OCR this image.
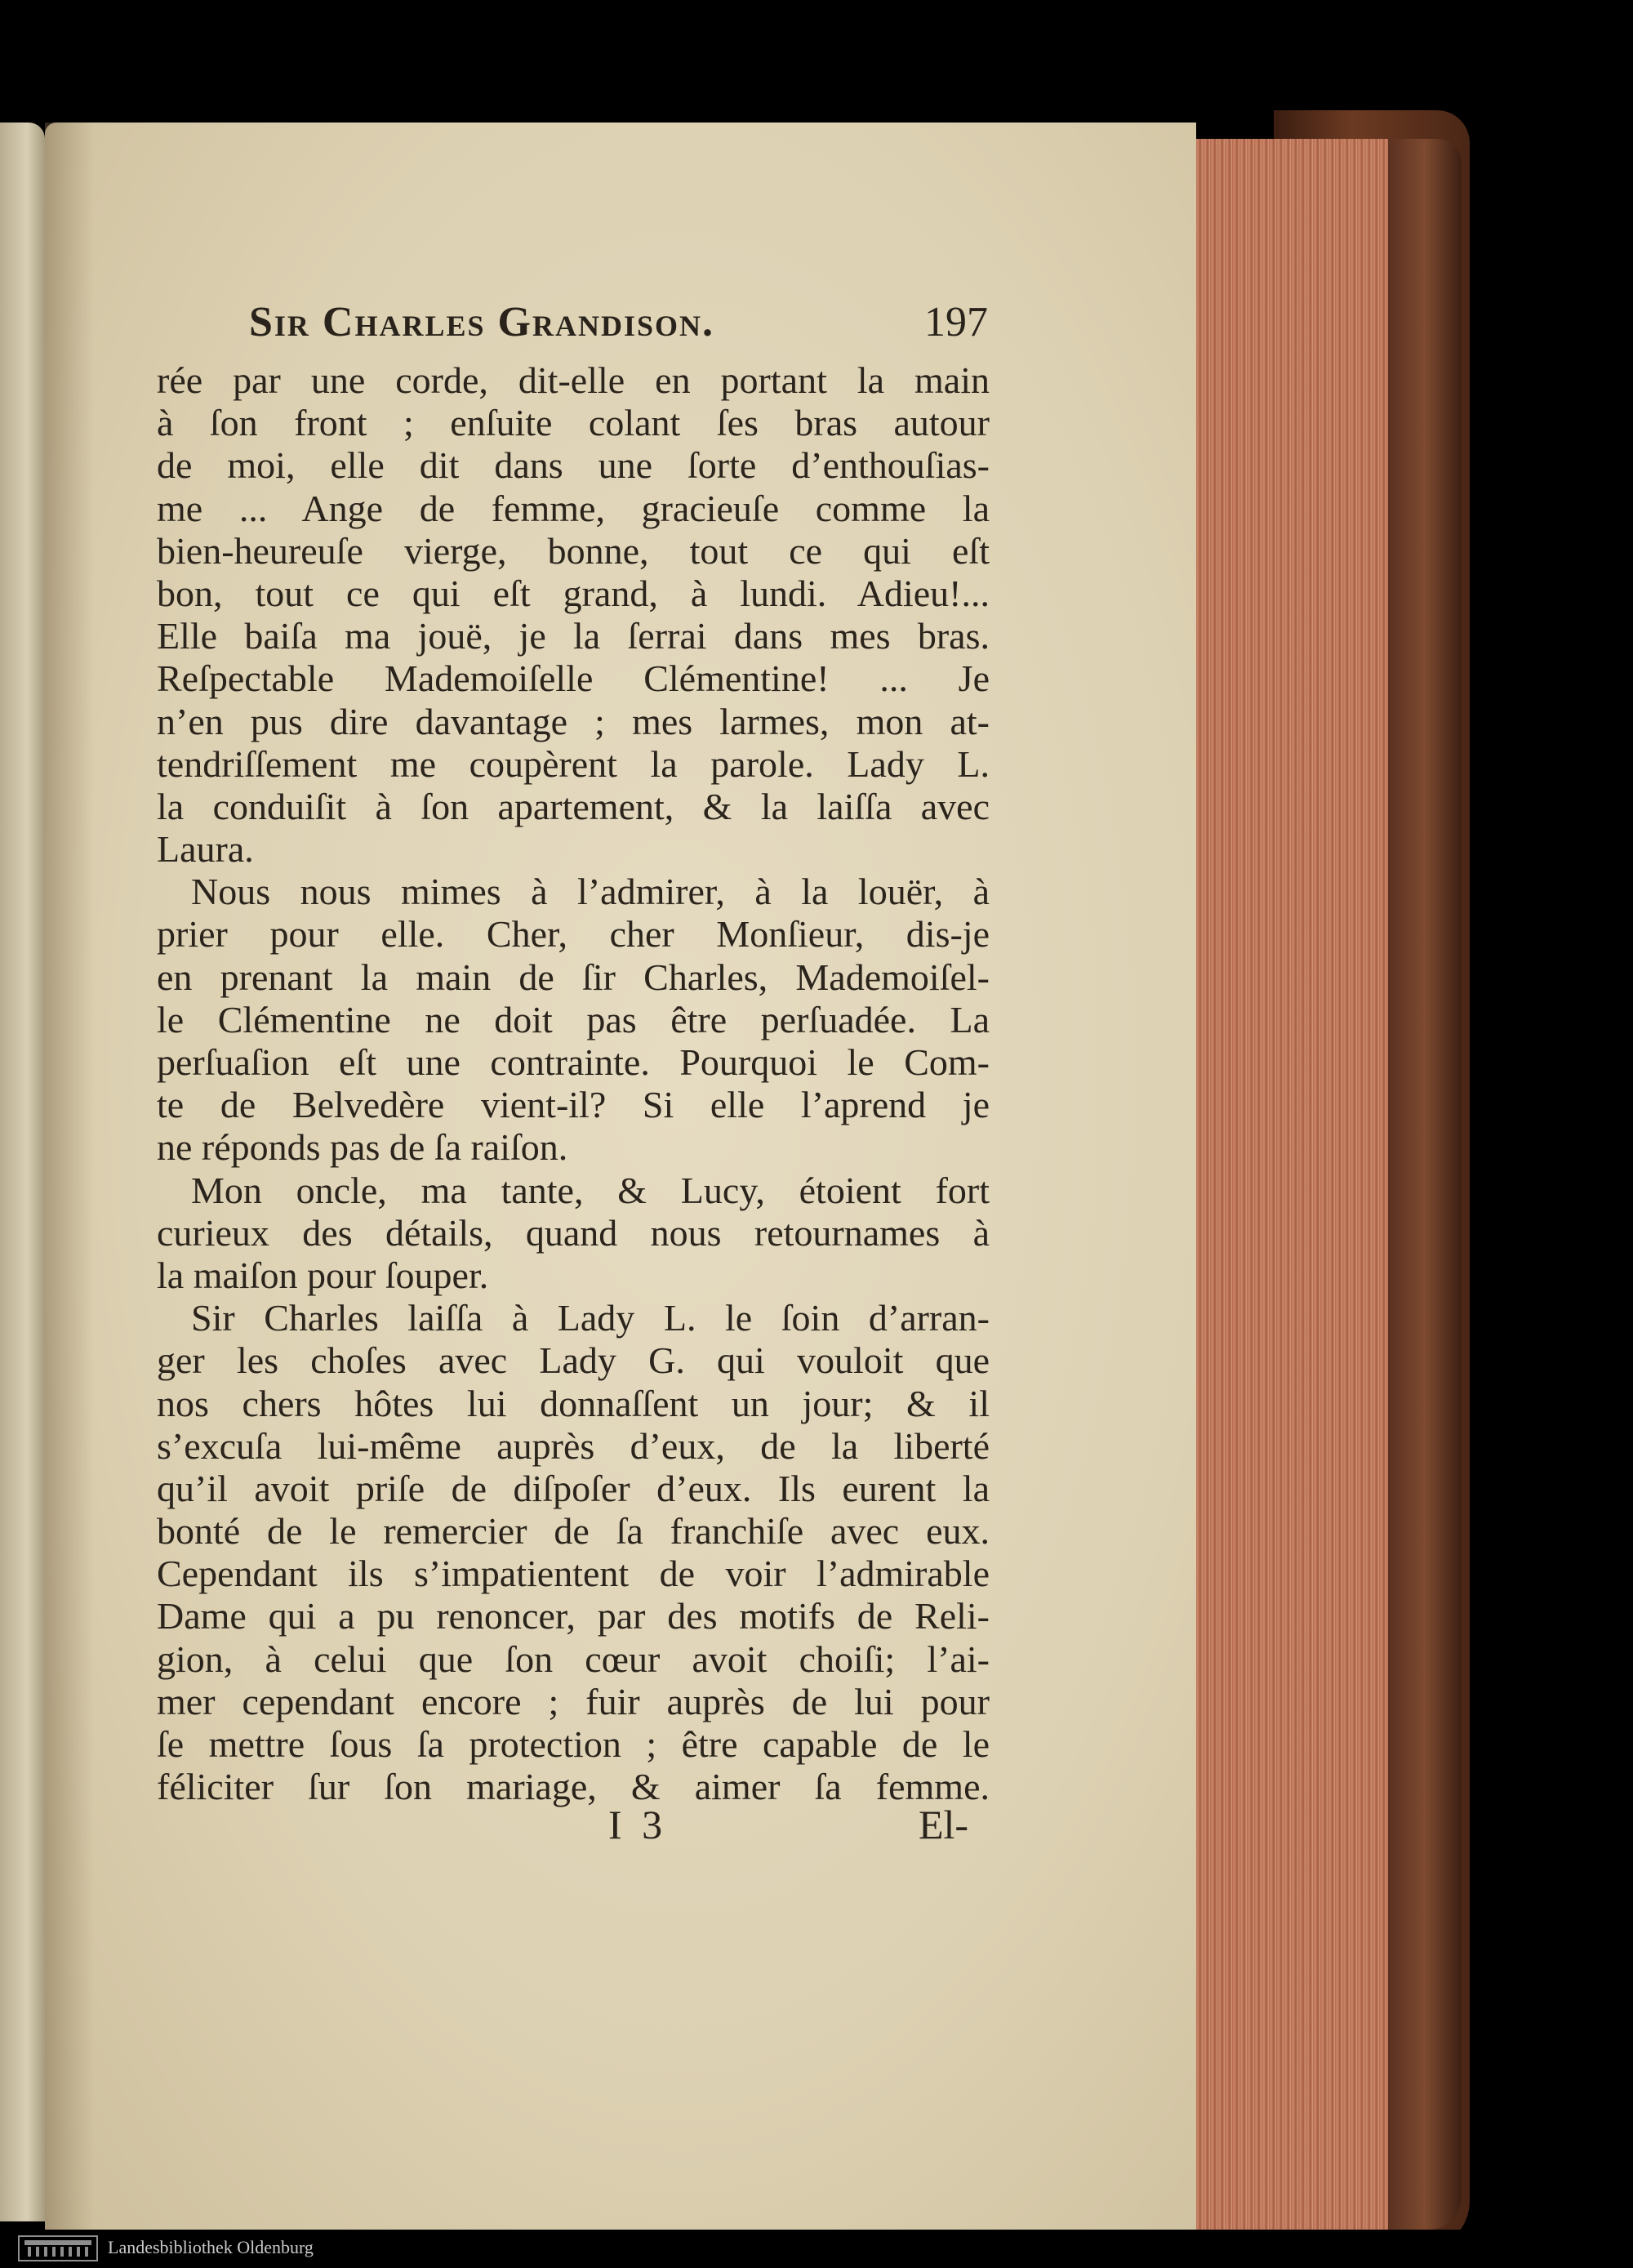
Sir Charles Grandison.	197
rée par une corde, dit-elle en portant la main
à ſon front ; enſuite colant ſes bras autour
de moi, elle dit dans une ſorte d’enthouſias-
me ... Ange de femme, gracieuſe comme la
bien-heureuſe vierge, bonne, tout ce qui eſt
bon, tout ce qui eſt grand, à lundi. Adieu!...
Elle baiſa ma jouë, je la ſerrai dans mes bras.
Reſpectable Mademoiſelle Clémentine! ... Je
n’en pus dire davantage ; mes larmes, mon at-
tendriſſement me coupèrent la parole. Lady L.
la conduiſit à ſon apartement, & la laiſſa avec
Laura.
Nous nous mimes à l’admirer, à la louër, à
prier pour elle. Cher, cher Monſieur, dis-je
en prenant la main de ſir Charles, Mademoiſel-
le Clémentine ne doit pas être perſuadée. La
perſuaſion eſt une contrainte. Pourquoi le Com-
te de Belvedère vient-il? Si elle l’aprend je
ne réponds pas de ſa raiſon.
Mon oncle, ma tante, & Lucy, étoient fort
curieux des détails, quand nous retournames à
la maiſon pour ſouper.
Sir Charles laiſſa à Lady L. le ſoin d’arran-
ger les choſes avec Lady G. qui vouloit que
nos chers hôtes lui donnaſſent un jour; & il
s’excuſa lui-même auprès d’eux, de la liberté
qu’il avoit priſe de diſpoſer d’eux. Ils eurent la
bonté de le remercier de ſa franchiſe avec eux.
Cependant ils s’impatientent de voir l’admirable
Dame qui a pu renoncer, par des motifs de Reli-
gion, à celui que ſon cœur avoit choiſi; l’ai-
mer cependant encore ; fuir auprès de lui pour
ſe mettre ſous ſa protection ; être capable de le
féliciter ſur ſon mariage, & aimer ſa femme.
I 3	El-
Landesbibliothek Oldenburg
